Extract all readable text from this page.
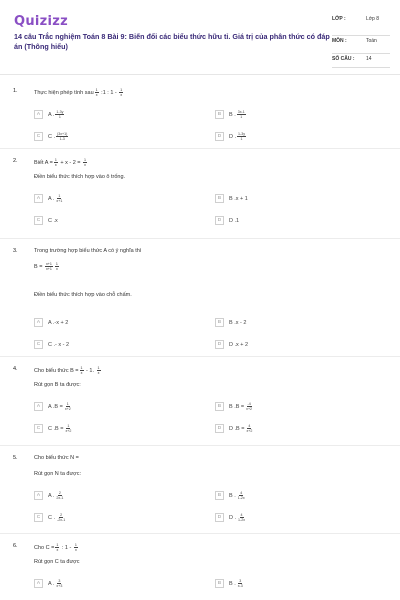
Quizizz
14 câu Trắc nghiệm Toán 8 Bài 9: Biến đổi các biểu thức hữu tỉ. Giá trị của phân thức có đáp án (Thông hiểu)
LỚP :	Lớp 8
MÔN :	Toán
SỐ CÂU :	14
1.	Thực hiện phép tính sau $\frac{1}{x}$ :1 : $1 - \frac{1}{x}$
A	A . $\frac{1-3y}{1}$	B	B . $\frac{3x-1}{1}$
C	C . $\frac{(3x+1)}{1-3}$	D	D . $\frac{1-3y}{1}$
2.	Biết $A = \frac{1}{x} + x - 2 = \frac{1}{x}$
Điền biểu thức thích hợp vào ô trống.
A	A . $\frac{1}{x+1}$	B	B . x + 1
C	C . x	D	D . 1
3.	Trong trường hợp biểu thức A có ý nghĩa thì
$B = \frac{x+1}{x+1} \frac{1}{x}$
Điền biểu thức thích hợp vào chỗ chấm.
A	A . -x + 2	B	B . x - 2
C	C . - x - 2	D	D . x + 2
4.	Cho biểu thức $B = \frac{1}{x} - 1$. $\frac{1}{x}$
Rút gọn B ta được:
A	A . $B = \frac{1}{x+2}$	B	B . $B = \frac{-4}{x+2}$
C	C . $B = \frac{1}{x+2}$	D	D . $B = \frac{4}{x+2}$
5.	Cho biểu thức N =
Rút gọn N ta được:
A	A . $\frac{2}{2x-1}$	B	B . $\frac{4}{1-2x}$
C	C . $\frac{2}{-2x-1}$	D	D . $\frac{4}{1-2x}$
6.	Cho $C = \frac{1}{x}$ : $1 - \frac{1}{x}$
Rút gọn C ta được
A	A . $\frac{3}{x+3}$	B	B . $\frac{3}{x-3}$
